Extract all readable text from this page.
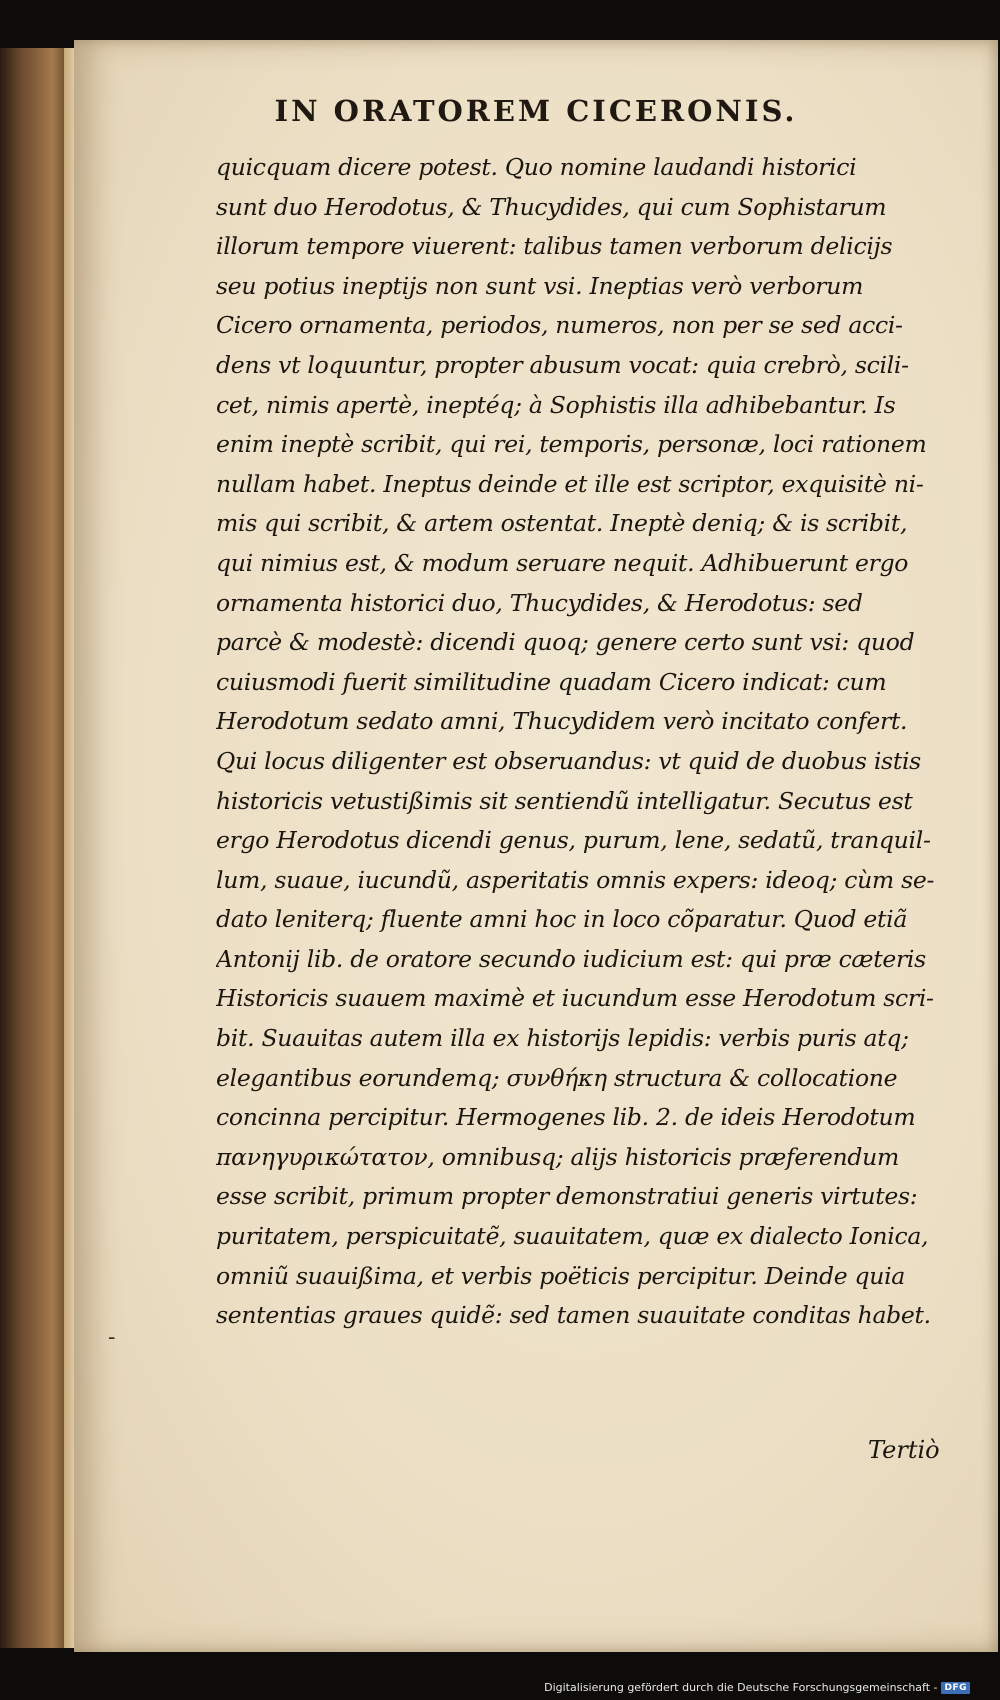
IN ORATOREM CICERONIS.
quicquam dicere potest. Quo nomine laudandi historici
sunt duo Herodotus, & Thucydides, qui cum Sophistarum
illorum tempore viuerent: talibus tamen verborum delicijs
seu potius ineptijs non sunt vsi. Ineptias verò verborum
Cicero ornamenta, periodos, numeros, non per se sed acci-
dens vt loquuntur, propter abusum vocat: quia crebrò, scili-
cet, nimis apertè, ineptéq; à Sophistis illa adhibebantur. Is
enim ineptè scribit, qui rei, temporis, personæ, loci rationem
nullam habet. Ineptus deinde et ille est scriptor, exquisitè ni-
mis qui scribit, & artem ostentat. Ineptè deniq; & is scribit,
qui nimius est, & modum seruare nequit. Adhibuerunt ergo
ornamenta historici duo, Thucydides, & Herodotus: sed
parcè & modestè: dicendi quoq; genere certo sunt vsi: quod
cuiusmodi fuerit similitudine quadam Cicero indicat: cum
Herodotum sedato amni, Thucydidem verò incitato confert.
Qui locus diligenter est obseruandus: vt quid de duobus istis
historicis vetustißimis sit sentiendũ intelligatur. Secutus est
ergo Herodotus dicendi genus, purum, lene, sedatũ, tranquil-
lum, suaue, iucundũ, asperitatis omnis expers: ideoq; cùm se-
dato leniterq; fluente amni hoc in loco cõparatur. Quod etiã
Antonij lib. de oratore secundo iudicium est: qui præ cæteris
Historicis suauem maximè et iucundum esse Herodotum scri-
bit. Suauitas autem illa ex historijs lepidis: verbis puris atq;
elegantibus eorundemq; συνθήκη structura & collocatione
concinna percipitur. Hermogenes lib. 2. de ideis Herodotum
πανηγυρικώτατον, omnibusq; alijs historicis præferendum
esse scribit, primum propter demonstratiui generis virtutes:
puritatem, perspicuitatẽ, suauitatem, quæ ex dialecto Ionica,
omniũ suauißima, et verbis poëticis percipitur. Deinde quia
sententias graues quidẽ: sed tamen suauitate conditas habet.

Tertiò

-
Digitalisierung gefördert durch die Deutsche Forschungsgemeinschaft - DFG
